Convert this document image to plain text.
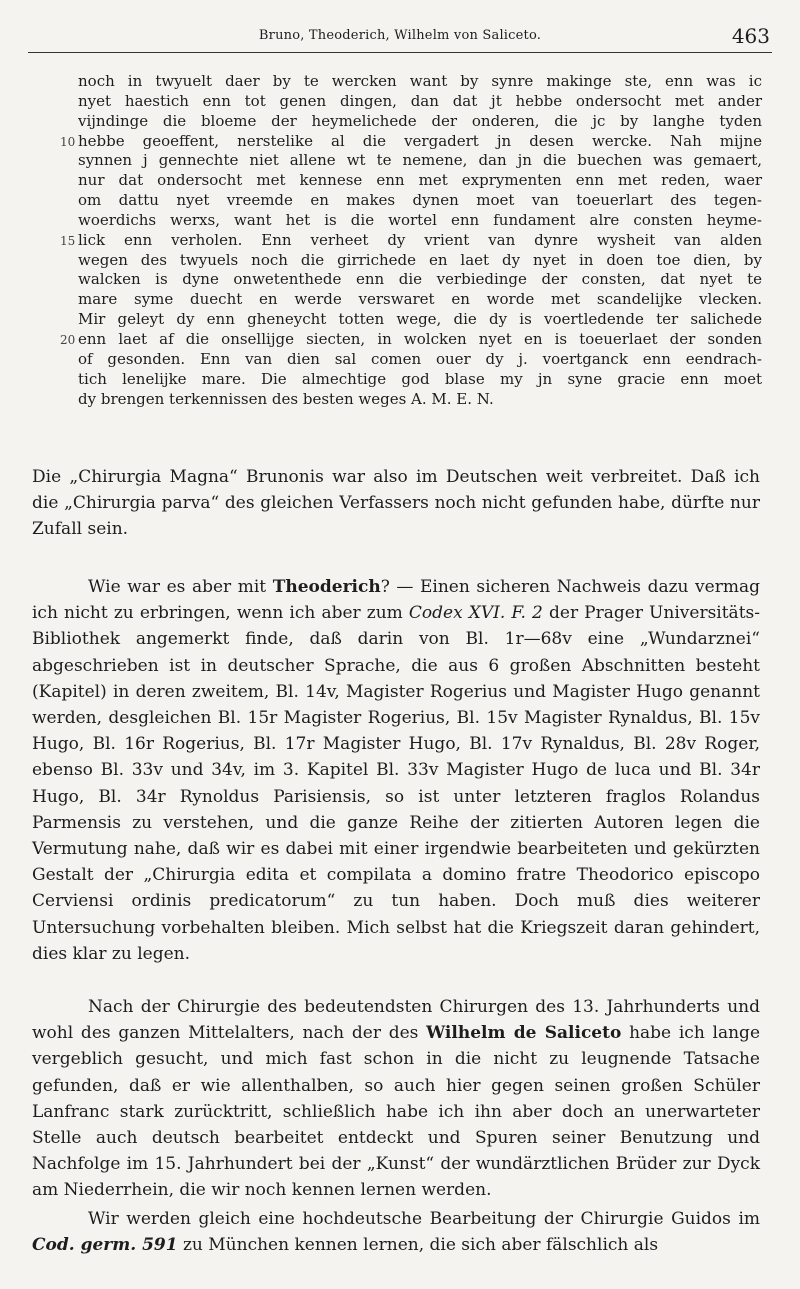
Bruno, Theoderich, Wilhelm von Saliceto.	463
noch in twyuelt daer by te wercken want by synre makinge ste, enn was ic
nyet haestich enn tot genen dingen, dan dat jt hebbe ondersocht met ander
vijndinge die bloeme der heymelichede der onderen, die jc by langhe tyden
10 hebbe geoeffent, nerstelike al die vergadert jn desen wercke. Nah mijne
synnen j gennechte niet allene wt te nemene, dan jn die buechen was gemaert,
nur dat ondersocht met kennese enn met exprymenten enn met reden, waer
om dattu nyet vreemde en makes dynen moet van toeuerlart des tegen-
woerdichs werxs, want het is die wortel enn fundament alre consten heyme-
15 lick enn verholen. Enn verheet dy vrient van dynre wysheit van alden
wegen des twyuels noch die girrichede en laet dy nyet in doen toe dien, by
walcken is dyne onwetenthede enn die verbiedinge der consten, dat nyet te
mare syme duecht en werde verswaret en worde met scandelijke vlecken.
Mir geleyt dy enn gheneycht totten wege, die dy is voertledende ter salichede
20 enn laet af die onsellijge siecten, in wolcken nyet en is toeuerlaet der sonden
of gesonden. Enn van dien sal comen ouer dy j. voertganck enn eendrach-
tich lenelijke mare. Die almechtige god blase my jn syne gracie enn moet
dy brengen terkennissen des besten weges A. M. E. N.

Die „Chirurgia Magna“ Brunonis war also im Deutschen weit verbreitet. Daß ich die „Chirurgia parva“ des gleichen Verfassers noch nicht gefunden habe, dürfte nur Zufall sein.

Wie war es aber mit Theoderich? — Einen sicheren Nachweis dazu vermag ich nicht zu erbringen, wenn ich aber zum Codex XVI. F. 2 der Prager Universitäts-Bibliothek angemerkt finde, daß darin von Bl. 1r—68v eine „Wundarznei“ abgeschrieben ist in deutscher Sprache, die aus 6 großen Abschnitten besteht (Kapitel) in deren zweitem, Bl. 14v, Magister Rogerius und Magister Hugo genannt werden, desgleichen Bl. 15r Magister Rogerius, Bl. 15v Magister Rynaldus, Bl. 15v Hugo, Bl. 16r Rogerius, Bl. 17r Magister Hugo, Bl. 17v Rynaldus, Bl. 28v Roger, ebenso Bl. 33v und 34v, im 3. Kapitel Bl. 33v Magister Hugo de luca und Bl. 34r Hugo, Bl. 34r Rynoldus Parisiensis, so ist unter letzteren fraglos Rolandus Parmensis zu verstehen, und die ganze Reihe der zitierten Autoren legen die Vermutung nahe, daß wir es dabei mit einer irgendwie bearbeiteten und gekürzten Gestalt der „Chirurgia edita et compilata a domino fratre Theodorico episcopo Cerviensi ordinis predicatorum“ zu tun haben. Doch muß dies weiterer Untersuchung vorbehalten bleiben. Mich selbst hat die Kriegszeit daran gehindert, dies klar zu legen.

Nach der Chirurgie des bedeutendsten Chirurgen des 13. Jahrhunderts und wohl des ganzen Mittelalters, nach der des Wilhelm de Saliceto habe ich lange vergeblich gesucht, und mich fast schon in die nicht zu leugnende Tatsache gefunden, daß er wie allenthalben, so auch hier gegen seinen großen Schüler Lanfranc stark zurücktritt, schließlich habe ich ihn aber doch an unerwarteter Stelle auch deutsch bearbeitet entdeckt und Spuren seiner Benutzung und Nachfolge im 15. Jahrhundert bei der „Kunst“ der wundärztlichen Brüder zur Dyck am Niederrhein, die wir noch kennen lernen werden.

Wir werden gleich eine hochdeutsche Bearbeitung der Chirurgie Guidos im Cod. germ. 591 zu München kennen lernen, die sich aber fälschlich als
